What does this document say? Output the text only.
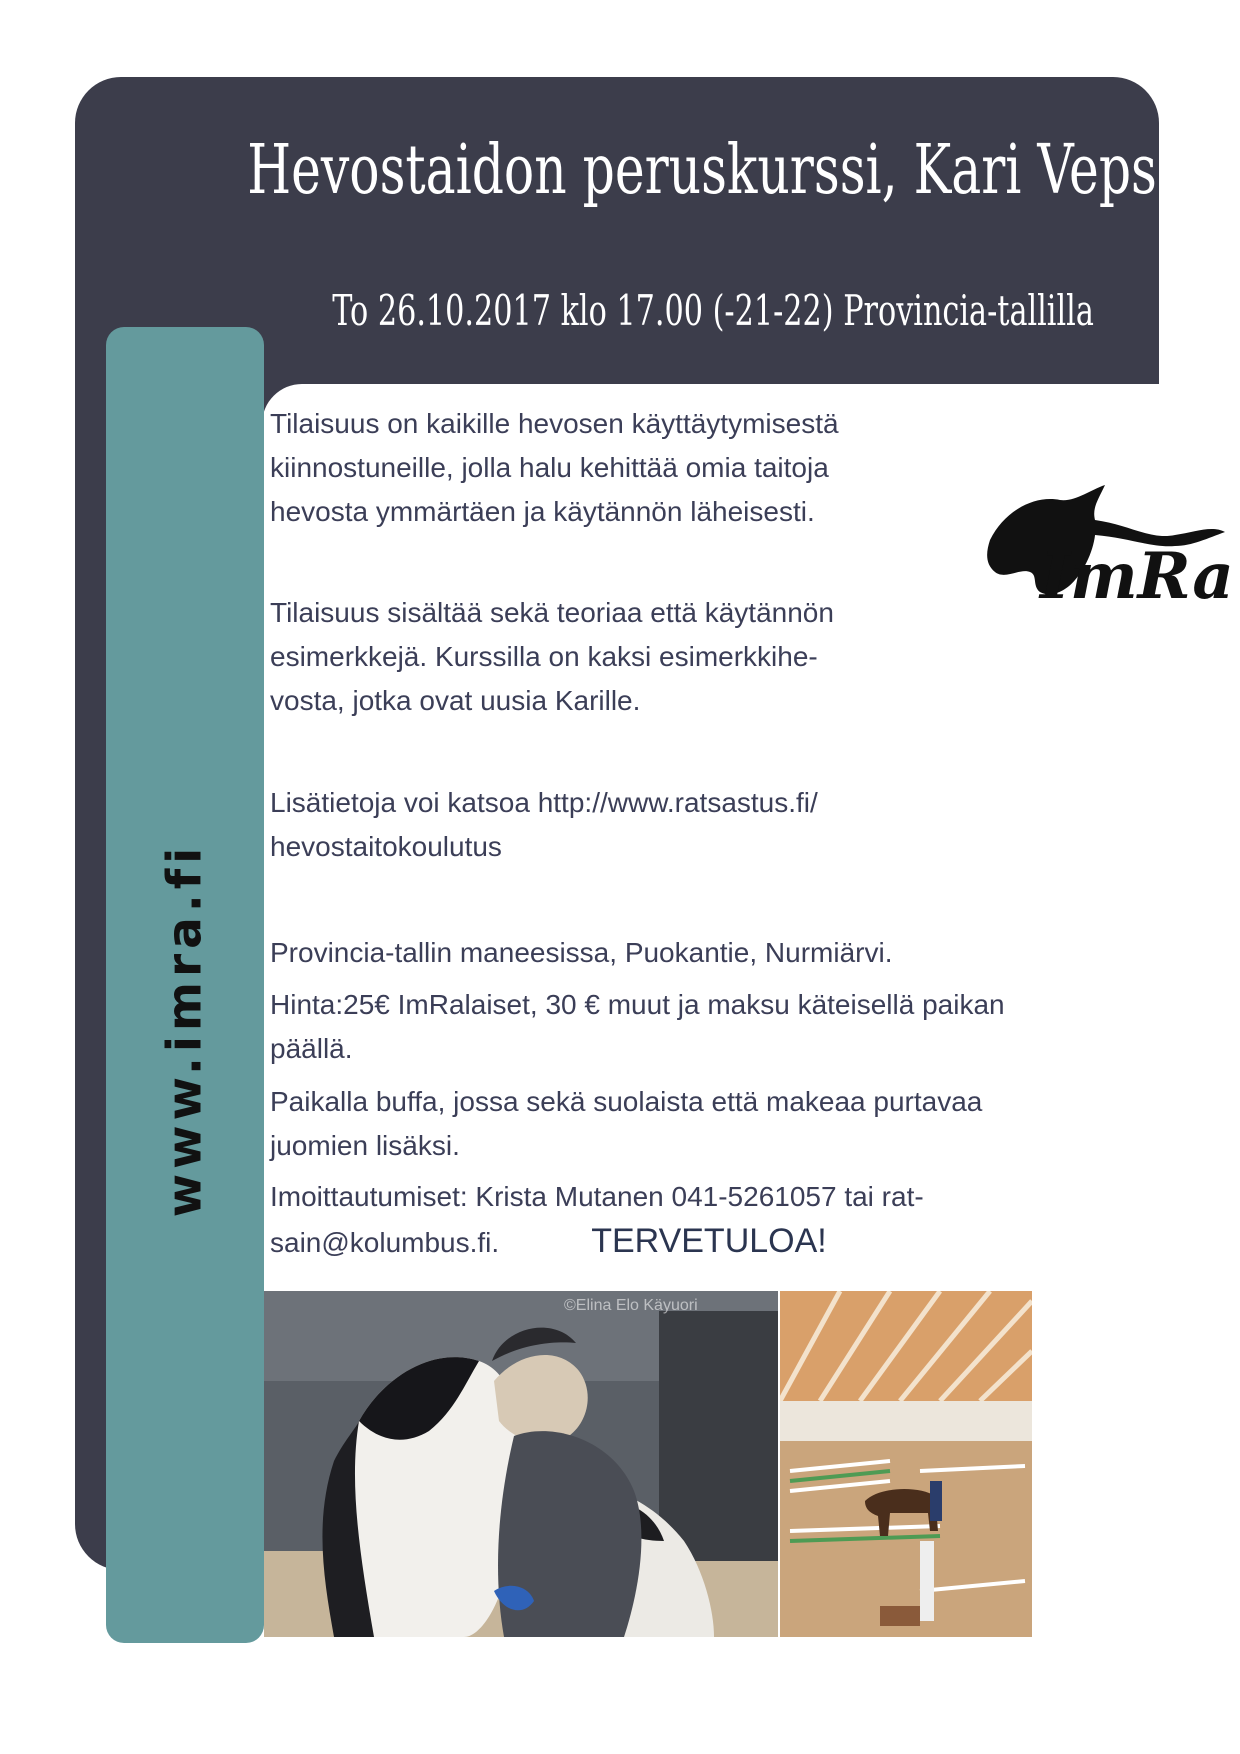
www.imra.fi
Hevostaidon peruskurssi, Kari Vepsä
To 26.10.2017 klo 17.00 (-21-22) Provincia-tallilla

Tilaisuus on kaikille hevosen käyttäytymisestä
kiinnostuneille, jolla halu kehittää omia taitoja
hevosta ymmärtäen ja käytännön läheisesti.

Tilaisuus sisältää sekä teoriaa että käytännön
esimerkkejä. Kurssilla on kaksi esimerkkihe-
vosta, jotka ovat uusia Karille.

Lisätietoja voi katsoa http://www.ratsastus.fi/
hevostaitokoulutus

Provincia-tallin maneesissa, Puokantie, Nurmiärvi.

Hinta:25€ ImRalaiset, 30 € muut ja maksu käteisellä paikan
päällä.

Paikalla buffa, jossa sekä suolaista että makeaa purtavaa
juomien lisäksi.

Imoittautumiset: Krista Mutanen 041-5261057 tai rat-
sain@kolumbus.fi.	TERVETULOA!

ImRa
©Elina Elo Käyuori
